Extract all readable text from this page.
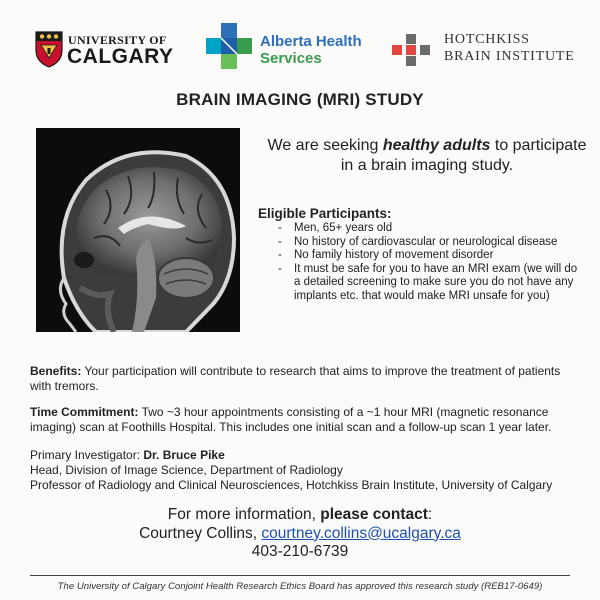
UNIVERSITY OF
CALGARY
Alberta Health
Services
HOTCHKISS
BRAIN INSTITUTE
BRAIN IMAGING (MRI) STUDY
We are seeking healthy adults to participate in a brain imaging study.
Eligible Participants:
- Men, 65+ years old
- No history of cardiovascular or neurological disease
- No family history of movement disorder
- It must be safe for you to have an MRI exam (we will do a detailed screening to make sure you do not have any implants etc. that would make MRI unsafe for you)
Benefits: Your participation will contribute to research that aims to improve the treatment of patients with tremors.
Time Commitment: Two ~3 hour appointments consisting of a ~1 hour MRI (magnetic resonance imaging) scan at Foothills Hospital. This includes one initial scan and a follow-up scan 1 year later.
Primary Investigator: Dr. Bruce Pike
Head, Division of Image Science, Department of Radiology
Professor of Radiology and Clinical Neurosciences, Hotchkiss Brain Institute, University of Calgary
For more information, please contact:
Courtney Collins, courtney.collins@ucalgary.ca
403-210-6739
The University of Calgary Conjoint Health Research Ethics Board has approved this research study (REB17-0649)
